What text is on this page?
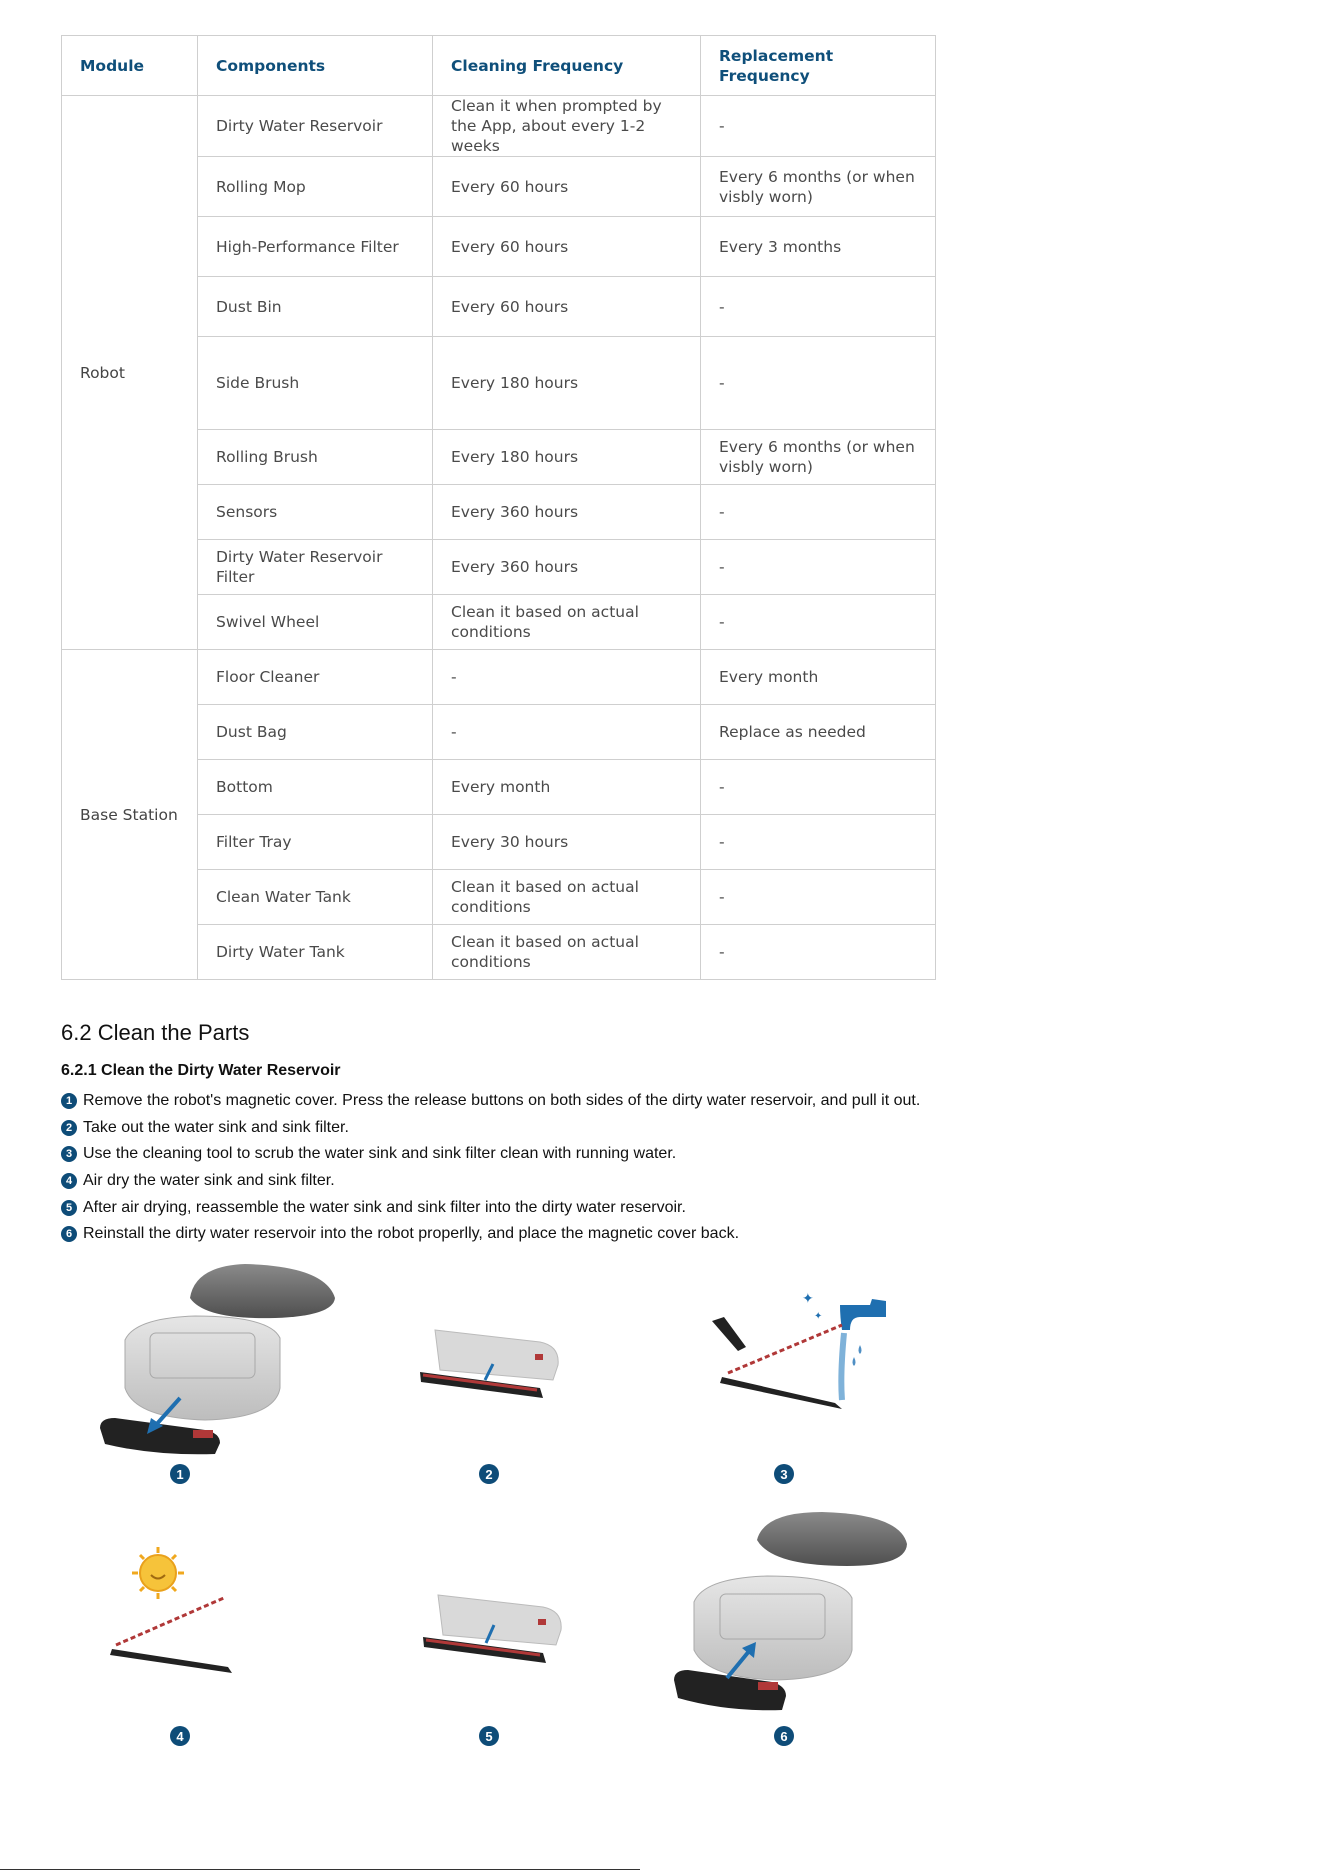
Module	Components	Cleaning Frequency	Replacement Frequency
Robot	Dirty Water Reservoir	Clean it when prompted by the App, about every 1-2 weeks	-
	Rolling Mop	Every 60 hours	Every 6 months (or when visbly worn)
	High-Performance Filter	Every 60 hours	Every 3 months
	Dust Bin	Every 60 hours	-
	Side Brush	Every 180 hours	-
	Rolling Brush	Every 180 hours	Every 6 months (or when visbly worn)
	Sensors	Every 360 hours	-
	Dirty Water Reservoir Filter	Every 360 hours	-
	Swivel Wheel	Clean it based on actual conditions	-
Base Station	Floor Cleaner	-	Every month
	Dust Bag	-	Replace as needed
	Bottom	Every month	-
	Filter Tray	Every 30 hours	-
	Clean Water Tank	Clean it based on actual conditions	-
	Dirty Water Tank	Clean it based on actual conditions	-
6.2 Clean the Parts
6.2.1 Clean the Dirty Water Reservoir
1 Remove the robot's magnetic cover. Press the release buttons on both sides of the dirty water reservoir, and pull it out.
2 Take out the water sink and sink filter.
3 Use the cleaning tool to scrub the water sink and sink filter clean with running water.
4 Air dry the water sink and sink filter.
5 After air drying, reassemble the water sink and sink filter into the dirty water reservoir.
6 Reinstall the dirty water reservoir into the robot properlly, and place the magnetic cover back.
1	2
✦
✦
3
4	5	6
